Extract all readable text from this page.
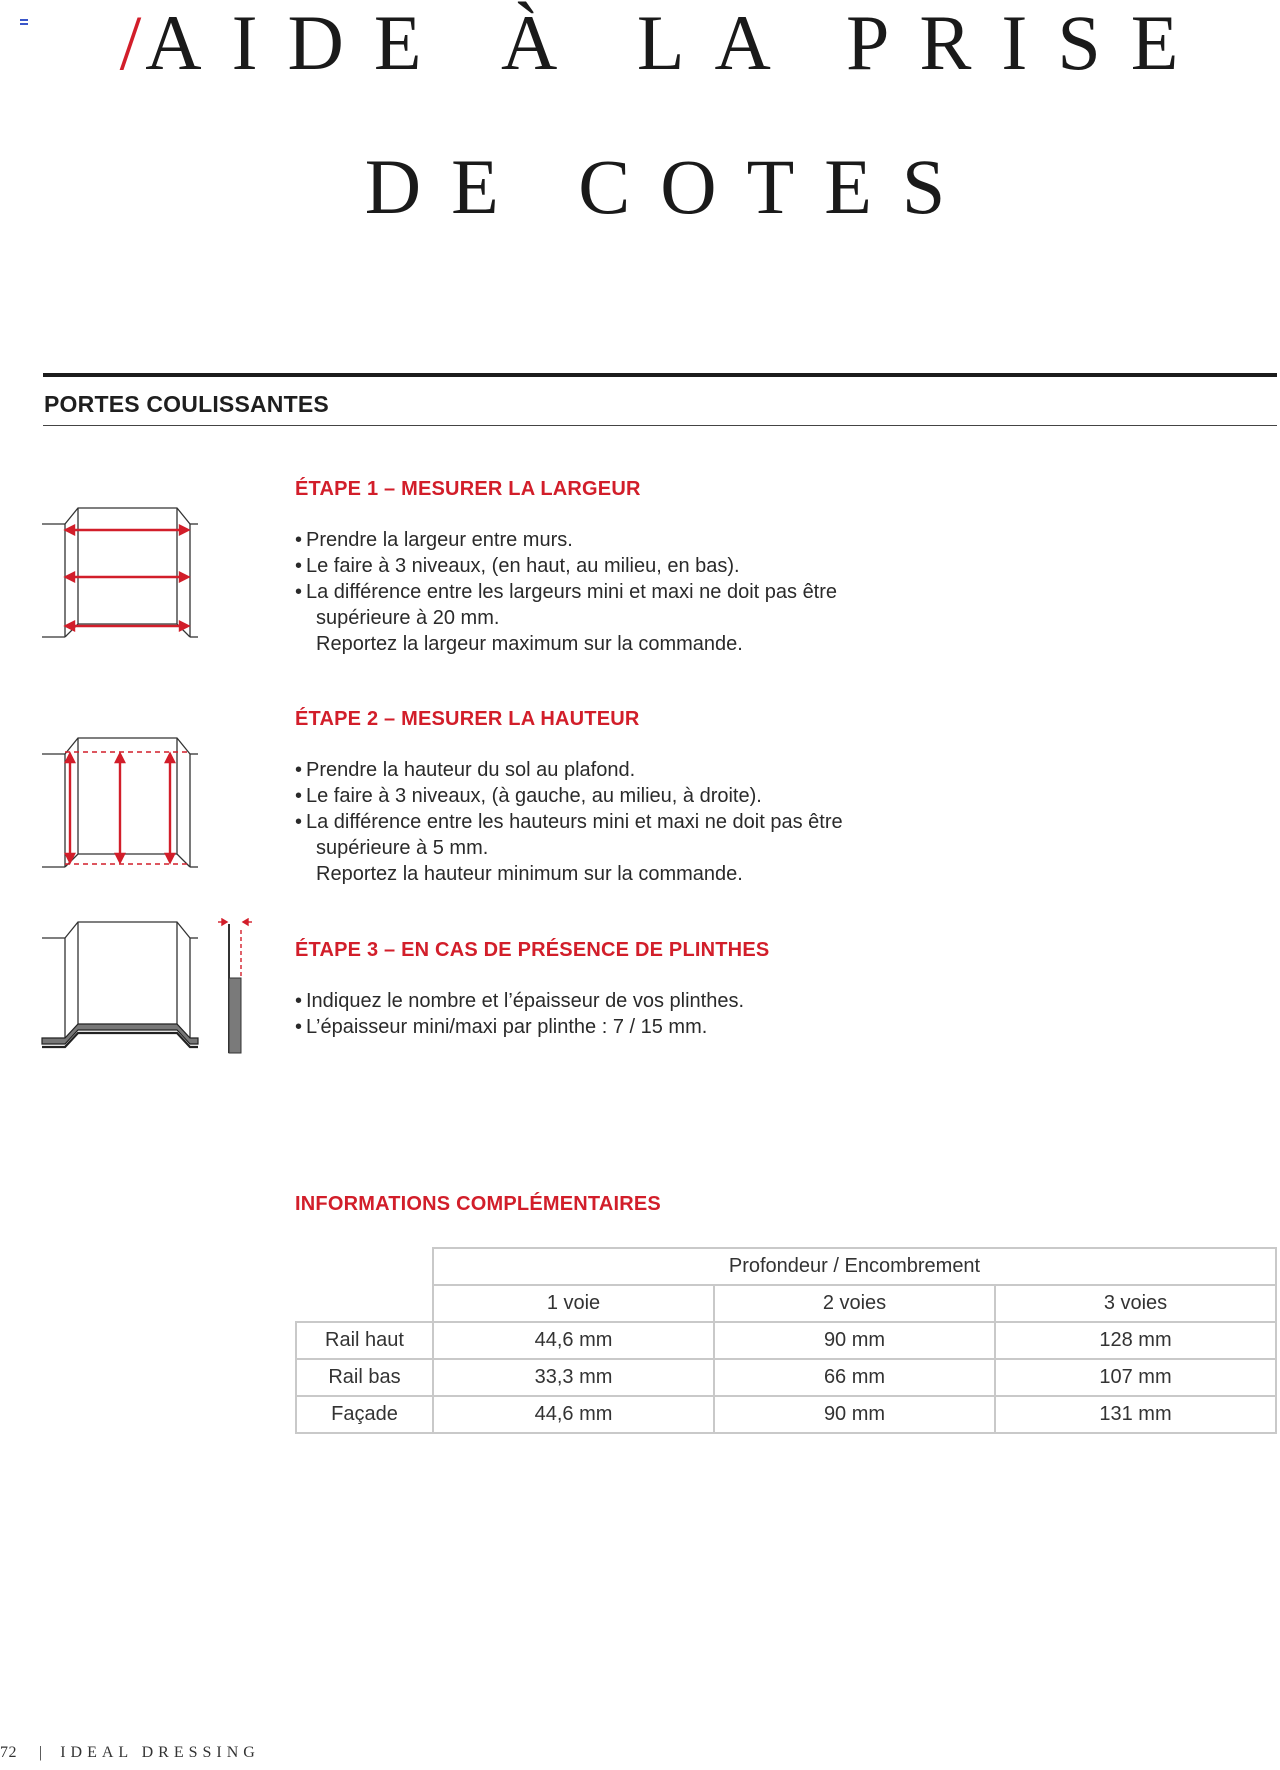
/AIDE À LA PRISE
DE COTES
PORTES COULISSANTES
ÉTAPE 1 – MESURER LA LARGEUR
• Prendre la largeur entre murs.
• Le faire à 3 niveaux, (en haut, au milieu, en bas).
• La différence entre les largeurs mini et maxi ne doit pas être
supérieure à 20 mm.
Reportez la largeur maximum sur la commande.
ÉTAPE 2 – MESURER LA HAUTEUR
• Prendre la hauteur du sol au plafond.
• Le faire à 3 niveaux, (à gauche, au milieu, à droite).
• La différence entre les hauteurs mini et maxi ne doit pas être
supérieure à 5 mm.
Reportez la hauteur minimum sur la commande.
ÉTAPE 3 – EN CAS DE PRÉSENCE DE PLINTHES
• Indiquez le nombre et l’épaisseur de vos plinthes.
• L’épaisseur mini/maxi par plinthe : 7 / 15 mm.
INFORMATIONS COMPLÉMENTAIRES
	Profondeur / Encombrement		
	1 voie	2 voies	3 voies
Rail haut	44,6 mm	90 mm	128 mm
Rail bas	33,3 mm	66 mm	107 mm
Façade	44,6 mm	90 mm	131 mm
72 | IDEAL DRESSING
